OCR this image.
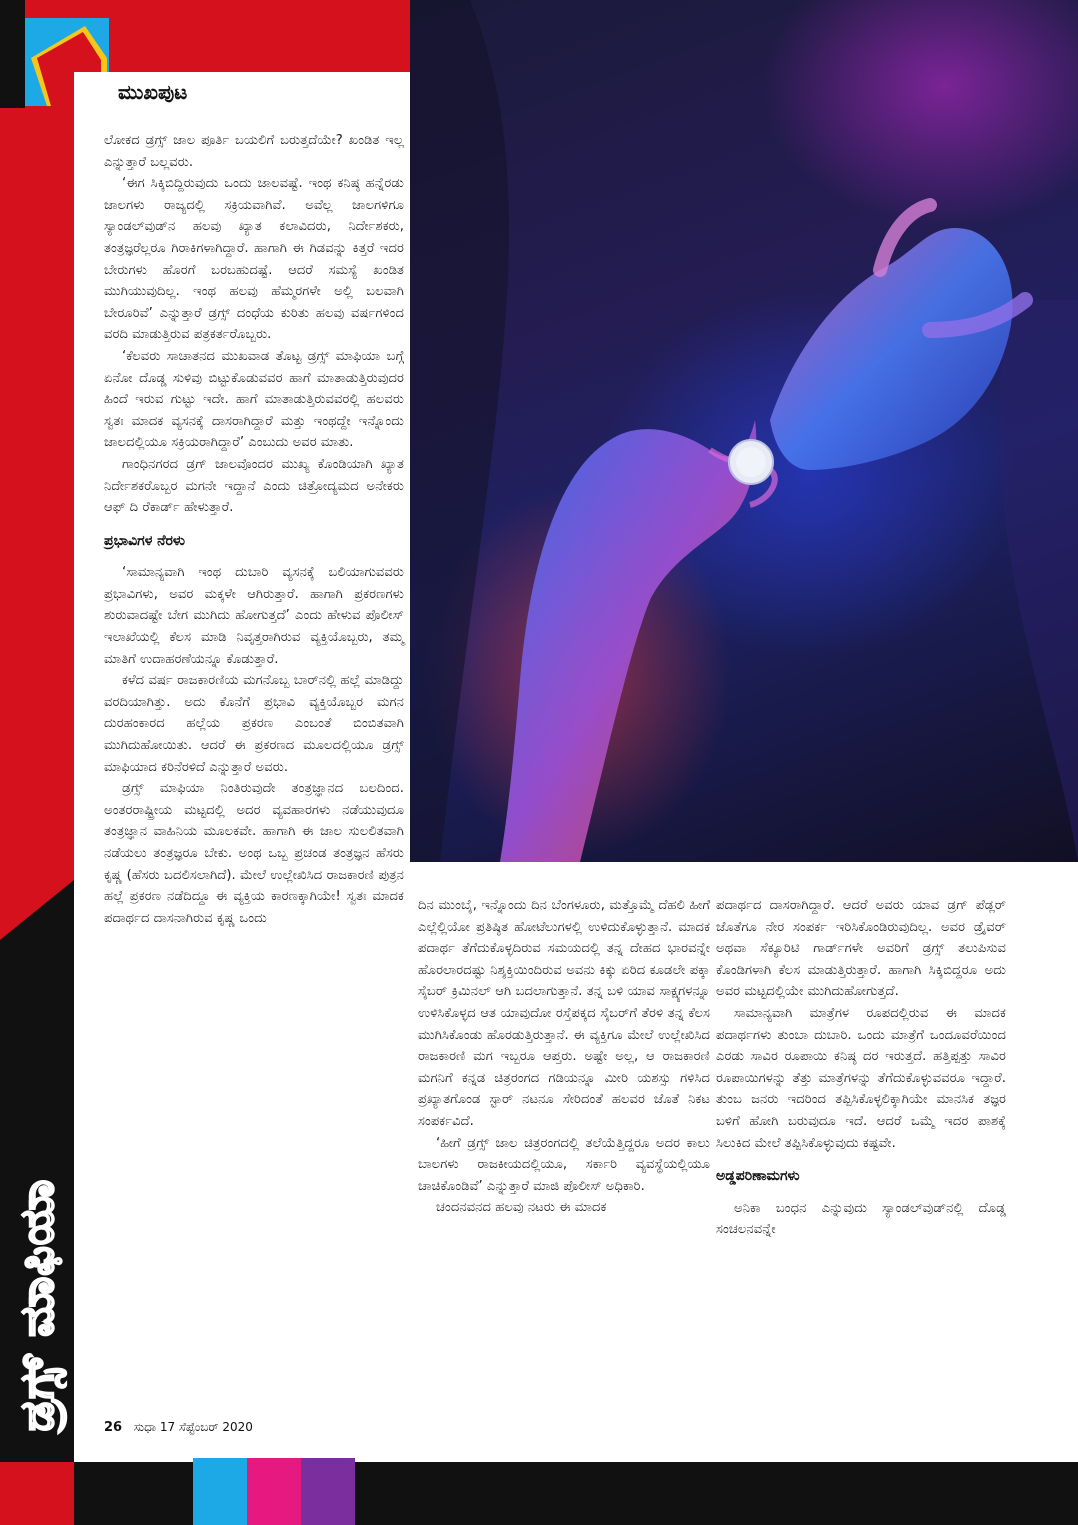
ಡ್ರಗ್ಸ್ ಮಾಫಿಯಾ
ಮುಖಪುಟ

ಲೋಕದ ಡ್ರಗ್ಸ್ ಜಾಲ ಪೂರ್ತಿ ಬಯಲಿಗೆ ಬರುತ್ತದೆಯೇ? ಖಂಡಿತ ಇಲ್ಲ ಎನ್ನುತ್ತಾರೆ ಬಲ್ಲವರು.

‘ಈಗ ಸಿಕ್ಕಿಬಿದ್ದಿರುವುದು ಒಂದು ಜಾಲವಷ್ಟೆ. ಇಂಥ ಕನಿಷ್ಠ ಹನ್ನೆರಡು ಜಾಲಗಳು ರಾಜ್ಯದಲ್ಲಿ ಸಕ್ರಿಯವಾಗಿವೆ. ಅವೆಲ್ಲ ಜಾಲಗಳಿಗೂ ಸ್ಯಾಂಡಲ್‌ವುಡ್‌ನ ಹಲವು ಖ್ಯಾತ ಕಲಾವಿದರು, ನಿರ್ದೇಶಕರು, ತಂತ್ರಜ್ಞರೆಲ್ಲರೂ ಗಿರಾಕಿಗಳಾಗಿದ್ದಾರೆ. ಹಾಗಾಗಿ ಈ ಗಿಡವನ್ನು ಕಿತ್ತರೆ ಇದರ ಬೇರುಗಳು ಹೊರಗೆ ಬರಬಹುದಷ್ಟೆ. ಆದರೆ ಸಮಸ್ಯೆ ಖಂಡಿತ ಮುಗಿಯುವುದಿಲ್ಲ. ಇಂಥ ಹಲವು ಹೆಮ್ಮರಗಳೇ ಅಲ್ಲಿ ಬಲವಾಗಿ ಬೇರೂರಿವೆ’ ಎನ್ನುತ್ತಾರೆ ಡ್ರಗ್ಸ್ ದಂಧೆಯ ಕುರಿತು ಹಲವು ವರ್ಷಗಳಿಂದ ವರದಿ ಮಾಡುತ್ತಿರುವ ಪತ್ರಕರ್ತರೊಬ್ಬರು.

‘ಕೆಲವರು ಸಾಚಾತನದ ಮುಖವಾಡ ತೊಟ್ಟ ಡ್ರಗ್ಸ್ ಮಾಫಿಯಾ ಬಗ್ಗೆ ಏನೋ ದೊಡ್ಡ ಸುಳಿವು ಬಿಟ್ಟುಕೊಡುವವರ ಹಾಗೆ ಮಾತಾಡುತ್ತಿರುವುದರ ಹಿಂದೆ ಇರುವ ಗುಟ್ಟು ಇದೇ. ಹಾಗೆ ಮಾತಾಡುತ್ತಿರುವವರಲ್ಲಿ ಹಲವರು ಸ್ವತಃ ಮಾದಕ ವ್ಯಸನಕ್ಕೆ ದಾಸರಾಗಿದ್ದಾರೆ ಮತ್ತು ಇಂಥದ್ದೇ ಇನ್ನೊಂದು ಜಾಲದಲ್ಲಿಯೂ ಸಕ್ರಿಯರಾಗಿದ್ದಾರೆ’ ಎಂಬುದು ಅವರ ಮಾತು.

ಗಾಂಧಿನಗರದ ಡ್ರಗ್ ಜಾಲವೊಂದರ ಮುಖ್ಯ ಕೊಂಡಿಯಾಗಿ ಖ್ಯಾತ ನಿರ್ದೇಶಕರೊಬ್ಬರ ಮಗನೇ ಇದ್ದಾನೆ ಎಂದು ಚಿತ್ರೋದ್ಯಮದ ಅನೇಕರು ಆಫ್ ದಿ ರೆಕಾರ್ಡ್ ಹೇಳುತ್ತಾರೆ.

ಪ್ರಭಾವಿಗಳ ನೆರಳು

‘ಸಾಮಾನ್ಯವಾಗಿ ಇಂಥ ದುಬಾರಿ ವ್ಯಸನಕ್ಕೆ ಬಲಿಯಾಗುವವರು ಪ್ರಭಾವಿಗಳು, ಅವರ ಮಕ್ಕಳೇ ಆಗಿರುತ್ತಾರೆ. ಹಾಗಾಗಿ ಪ್ರಕರಣಗಳು ಶುರುವಾದಷ್ಟೇ ಬೇಗ ಮುಗಿದು ಹೋಗುತ್ತದೆ’ ಎಂದು ಹೇಳುವ ಪೊಲೀಸ್ ಇಲಾಖೆಯಲ್ಲಿ ಕೆಲಸ ಮಾಡಿ ನಿವೃತ್ತರಾಗಿರುವ ವ್ಯಕ್ತಿಯೊಬ್ಬರು, ತಮ್ಮ ಮಾತಿಗೆ ಉದಾಹರಣೆಯನ್ನೂ ಕೊಡುತ್ತಾರೆ.

ಕಳೆದ ವರ್ಷ ರಾಜಕಾರಣಿಯ ಮಗನೊಬ್ಬ ಬಾರ್‌ನಲ್ಲಿ ಹಲ್ಲೆ ಮಾಡಿದ್ದು ವರದಿಯಾಗಿತ್ತು. ಅದು ಕೊನೆಗೆ ಪ್ರಭಾವಿ ವ್ಯಕ್ತಿಯೊಬ್ಬರ ಮಗನ ದುರಹಂಕಾರದ ಹಲ್ಲೆಯ ಪ್ರಕರಣ ಎಂಬಂತೆ ಬಿಂಬಿತವಾಗಿ ಮುಗಿದುಹೋಯಿತು. ಆದರೆ ಈ ಪ್ರಕರಣದ ಮೂಲದಲ್ಲಿಯೂ ಡ್ರಗ್ಸ್ ಮಾಫಿಯಾದ ಕರಿನೆರಳಿದೆ ಎನ್ನುತ್ತಾರೆ ಅವರು.

ಡ್ರಗ್ಸ್ ಮಾಫಿಯಾ ನಿಂತಿರುವುದೇ ತಂತ್ರಜ್ಞಾನದ ಬಲದಿಂದ. ಅಂತರರಾಷ್ಟ್ರೀಯ ಮಟ್ಟದಲ್ಲಿ ಅದರ ವ್ಯವಹಾರಗಳು ನಡೆಯುವುದೂ ತಂತ್ರಜ್ಞಾನ ವಾಹಿನಿಯ ಮೂಲಕವೇ. ಹಾಗಾಗಿ ಈ ಜಾಲ ಸುಲಲಿತವಾಗಿ ನಡೆಯಲು ತಂತ್ರಜ್ಞರೂ ಬೇಕು. ಅಂಥ ಒಬ್ಬ ಪ್ರಚಂಡ ತಂತ್ರಜ್ಞನ ಹೆಸರು ಕೃಷ್ಣ (ಹೆಸರು ಬದಲಿಸಲಾಗಿದೆ). ಮೇಲೆ ಉಲ್ಲೇಖಿಸಿದ ರಾಜಕಾರಣಿ ಪುತ್ರನ ಹಲ್ಲೆ ಪ್ರಕರಣ ನಡೆದಿದ್ದೂ ಈ ವ್ಯಕ್ತಿಯ ಕಾರಣಕ್ಕಾಗಿಯೇ! ಸ್ವತಃ ಮಾದಕ ಪದಾರ್ಥದ ದಾಸನಾಗಿರುವ ಕೃಷ್ಣ ಒಂದು

ದಿನ ಮುಂಬೈ, ಇನ್ನೊಂದು ದಿನ ಬೆಂಗಳೂರು, ಮತ್ತೊಮ್ಮೆ ದೆಹಲಿ ಹೀಗೆ ಎಲ್ಲೆಲ್ಲಿಯೋ ಪ್ರತಿಷ್ಠಿತ ಹೋಟೆಲುಗಳಲ್ಲಿ ಉಳಿದುಕೊಳ್ಳುತ್ತಾನೆ. ಮಾದಕ ಪದಾರ್ಥ ತೆಗೆದುಕೊಳ್ಳದಿರುವ ಸಮಯದಲ್ಲಿ ತನ್ನ ದೇಹದ ಭಾರವನ್ನೇ ಹೊರಲಾರದಷ್ಟು ನಿಶ್ಶಕ್ತಿಯಿಂದಿರುವ ಅವನು ಕಿಕ್ಕು ಏರಿದ ಕೂಡಲೇ ಪಕ್ಕಾ ಸೈಬರ್ ಕ್ರಿಮಿನಲ್ ಆಗಿ ಬದಲಾಗುತ್ತಾನೆ. ತನ್ನ ಬಳಿ ಯಾವ ಸಾಕ್ಷ್ಯಗಳನ್ನೂ ಉಳಿಸಿಕೊಳ್ಳದ ಆತ ಯಾವುದೋ ರಸ್ತೆಪಕ್ಕದ ಸೈಬರ್‌ಗೆ ತೆರಳಿ ತನ್ನ ಕೆಲಸ ಮುಗಿಸಿಕೊಂಡು ಹೊರಡುತ್ತಿರುತ್ತಾನೆ. ಈ ವ್ಯಕ್ತಿಗೂ ಮೇಲೆ ಉಲ್ಲೇಖಿಸಿದ ರಾಜಕಾರಣಿ ಮಗ ಇಬ್ಬರೂ ಆಪ್ತರು. ಅಷ್ಟೇ ಅಲ್ಲ, ಆ ರಾಜಕಾರಣಿ ಮಗನಿಗೆ ಕನ್ನಡ ಚಿತ್ರರಂಗದ ಗಡಿಯನ್ನೂ ಮೀರಿ ಯಶಸ್ಸು ಗಳಿಸಿದ ಪ್ರಖ್ಯಾತಗೊಂಡ ಸ್ಟಾರ್ ನಟನೂ ಸೇರಿದಂತೆ ಹಲವರ ಜೊತೆ ನಿಕಟ ಸಂಪರ್ಕವಿದೆ.

‘ಹೀಗೆ ಡ್ರಗ್ಸ್ ಜಾಲ ಚಿತ್ರರಂಗದಲ್ಲಿ ತಲೆಯೆತ್ತಿದ್ದರೂ ಅದರ ಕಾಲು ಬಾಲಗಳು ರಾಜಕೀಯದಲ್ಲಿಯೂ, ಸರ್ಕಾರಿ ವ್ಯವಸ್ಥೆಯಲ್ಲಿಯೂ ಚಾಚಿಕೊಂಡಿವೆ’ ಎನ್ನುತ್ತಾರೆ ಮಾಜಿ ಪೊಲೀಸ್ ಅಧಿಕಾರಿ.

ಚಂದನವನದ ಹಲವು ನಟರು ಈ ಮಾದಕ

ಪದಾರ್ಥದ ದಾಸರಾಗಿದ್ದಾರೆ. ಆದರೆ ಅವರು ಯಾವ ಡ್ರಗ್ ಪೆಡ್ಲರ್ ಜೊತೆಗೂ ನೇರ ಸಂಪರ್ಕ ಇರಿಸಿಕೊಂಡಿರುವುದಿಲ್ಲ. ಅವರ ಡ್ರೈವರ್ ಅಥವಾ ಸೆಕ್ಯೂರಿಟಿ ಗಾರ್ಡ್‌ಗಳೇ ಅವರಿಗೆ ಡ್ರಗ್ಸ್ ತಲುಪಿಸುವ ಕೊಂಡಿಗಳಾಗಿ ಕೆಲಸ ಮಾಡುತ್ತಿರುತ್ತಾರೆ. ಹಾಗಾಗಿ ಸಿಕ್ಕಿಬಿದ್ದರೂ ಅದು ಅವರ ಮಟ್ಟದಲ್ಲಿಯೇ ಮುಗಿದುಹೋಗುತ್ತದೆ.

ಸಾಮಾನ್ಯವಾಗಿ ಮಾತ್ರೆಗಳ ರೂಪದಲ್ಲಿರುವ ಈ ಮಾದಕ ಪದಾರ್ಥಗಳು ತುಂಬಾ ದುಬಾರಿ. ಒಂದು ಮಾತ್ರೆಗೆ ಒಂದೂವರೆಯಿಂದ ಎರಡು ಸಾವಿರ ರೂಪಾಯಿ ಕನಿಷ್ಠ ದರ ಇರುತ್ತದೆ. ಹತ್ತಿಪ್ಪತ್ತು ಸಾವಿರ ರೂಪಾಯಿಗಳನ್ನು ತೆತ್ತು ಮಾತ್ರೆಗಳನ್ನು ತೆಗೆದುಕೊಳ್ಳುವವರೂ ಇದ್ದಾರೆ. ತುಂಬ ಜನರು ಇದರಿಂದ ತಪ್ಪಿಸಿಕೊಳ್ಳಲಿಕ್ಕಾಗಿಯೇ ಮಾನಸಿಕ ತಜ್ಞರ ಬಳಿಗೆ ಹೋಗಿ ಬರುವುದೂ ಇದೆ. ಆದರೆ ಒಮ್ಮೆ ಇದರ ಪಾಶಕ್ಕೆ ಸಿಲುಕಿದ ಮೇಲೆ ತಪ್ಪಿಸಿಕೊಳ್ಳುವುದು ಕಷ್ಟವೇ.

ಅಡ್ಡಪರಿಣಾಮಗಳು

ಅನಿಕಾ ಬಂಧನ ಎನ್ನುವುದು ಸ್ಯಾಂಡಲ್‌ವುಡ್‌ನಲ್ಲಿ ದೊಡ್ಡ ಸಂಚಲನವನ್ನೇ

26 ಸುಧಾ 17 ಸೆಪ್ಟೆಂಬರ್ 2020
